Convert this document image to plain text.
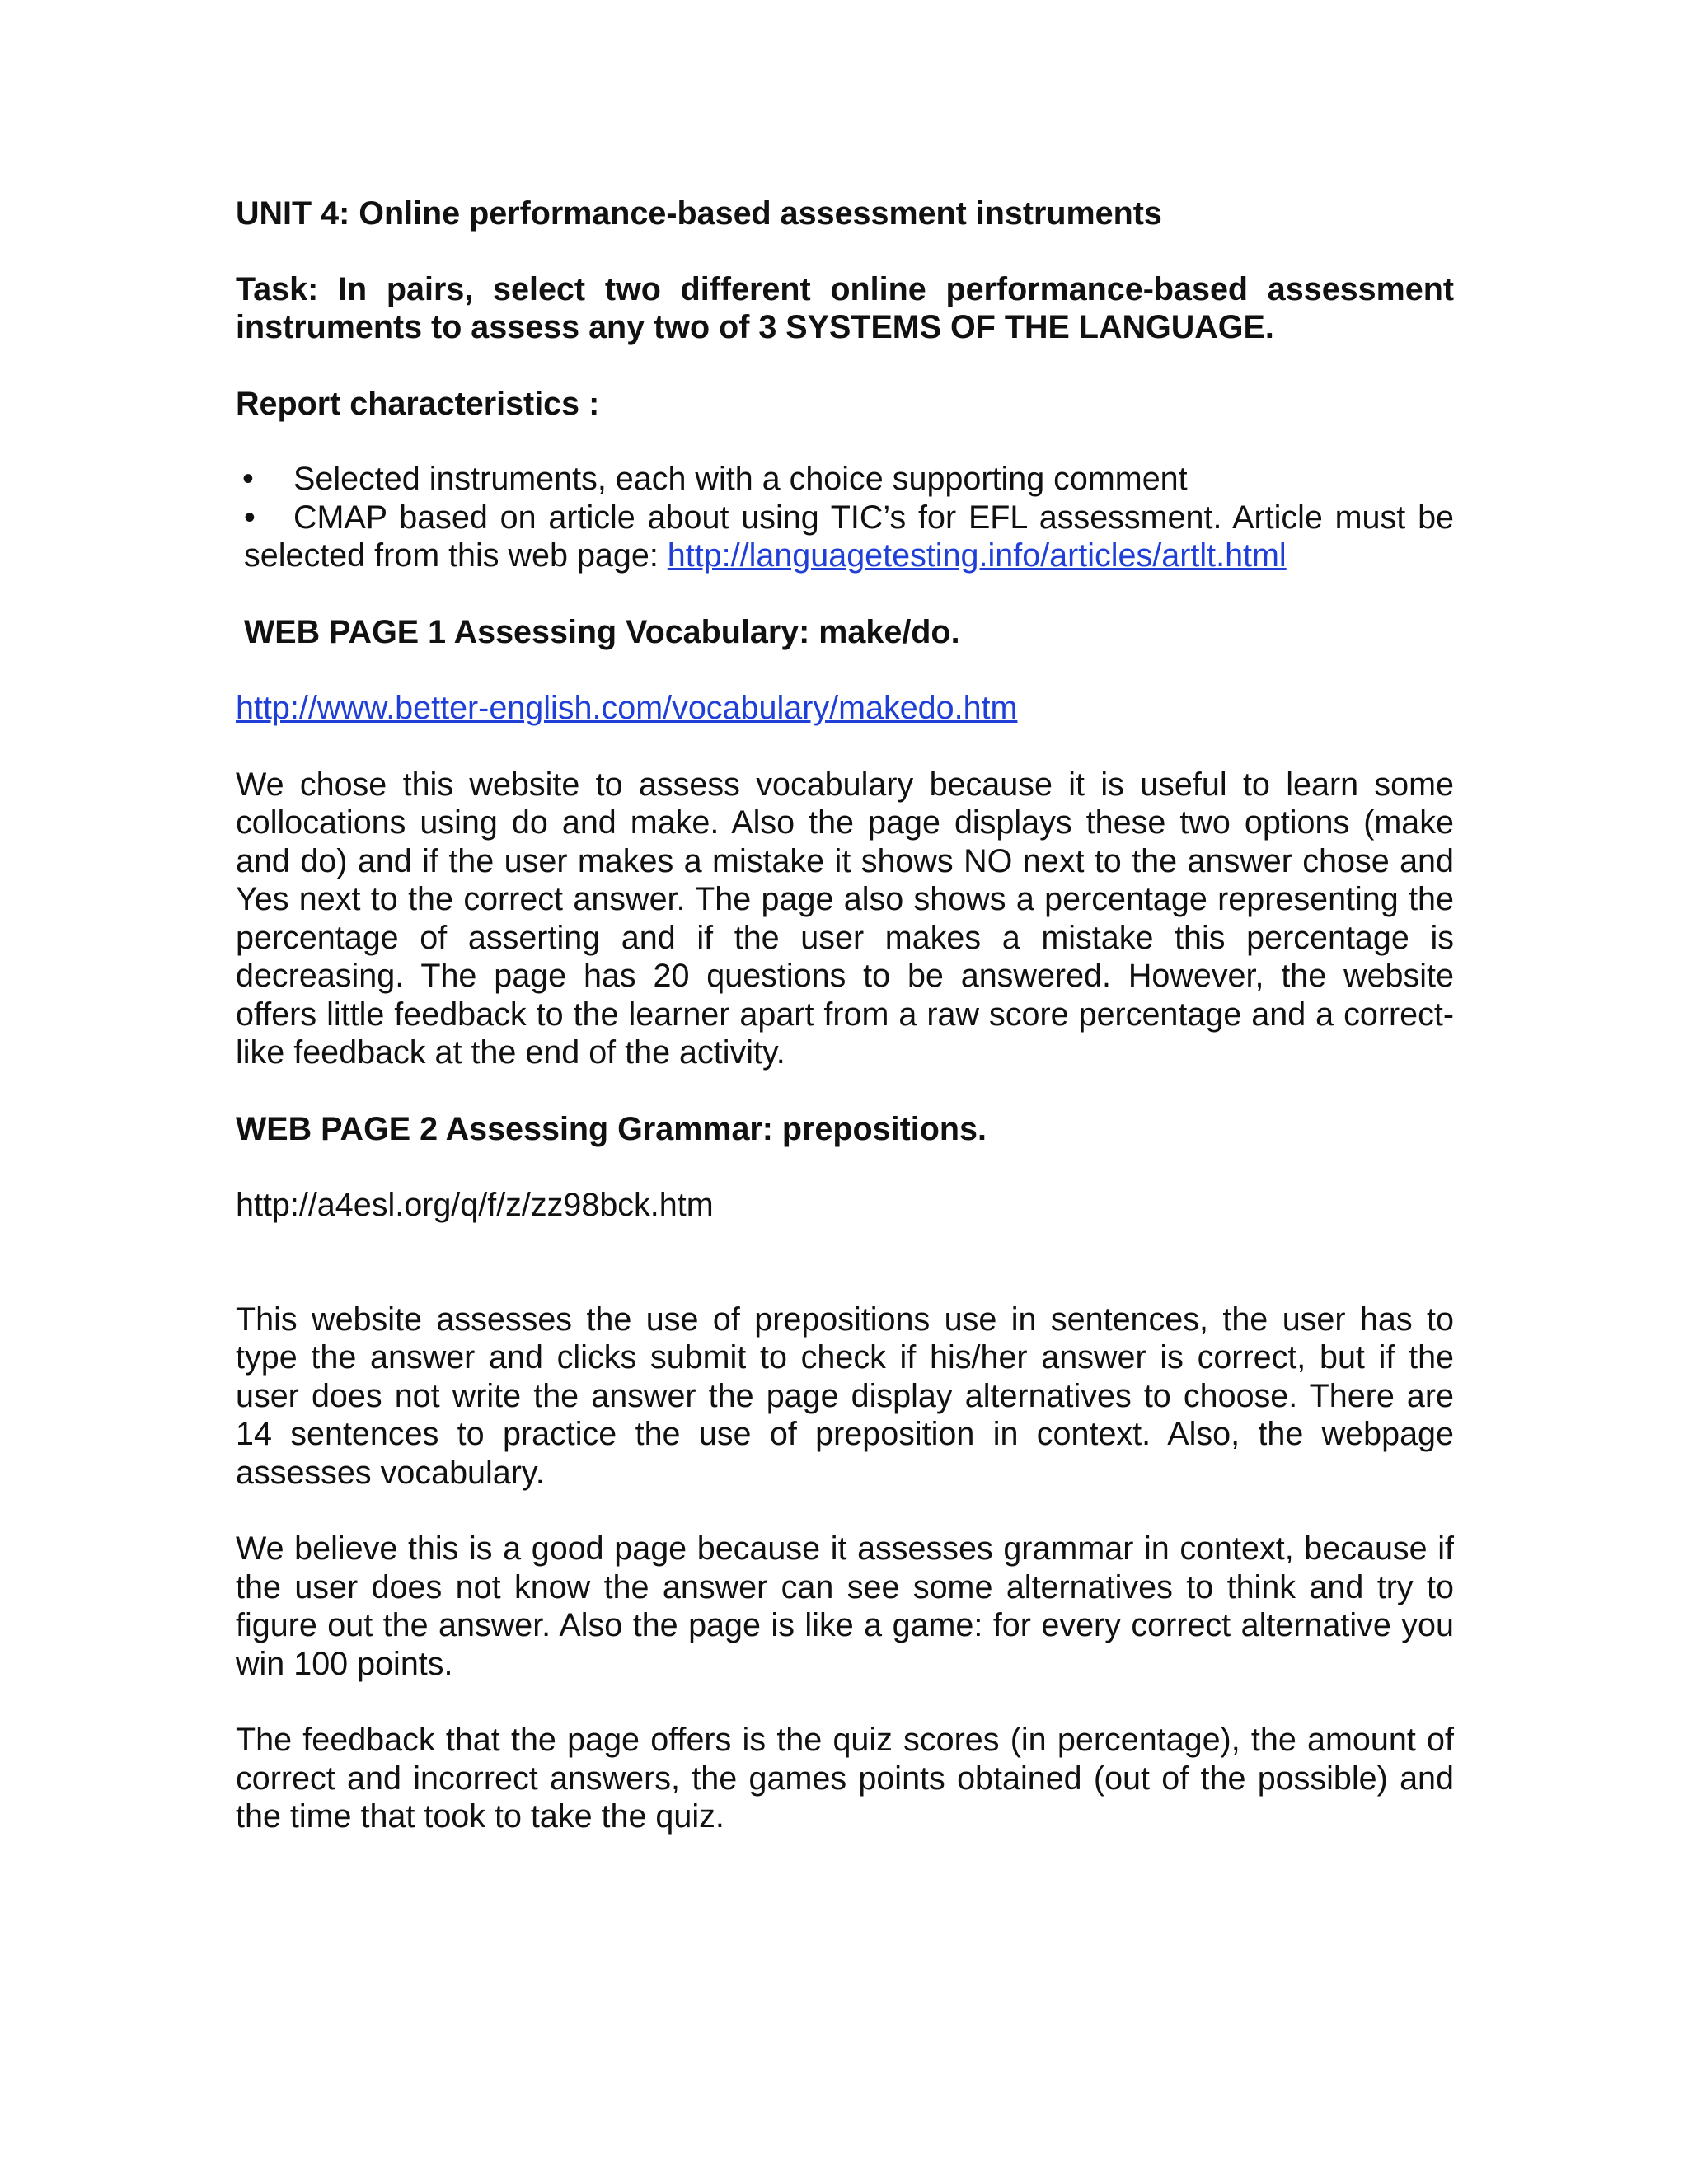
UNIT 4: Online performance-based assessment instruments

Task: In pairs, select two different online performance-based assessment instruments to assess any two of 3 SYSTEMS OF THE LANGUAGE.

Report characteristics :

• Selected instruments, each with a choice supporting comment
• CMAP based on article about using TIC’s for EFL assessment. Article must be selected from this web page: http://languagetesting.info/articles/artlt.html

WEB PAGE 1 Assessing Vocabulary: make/do.

http://www.better-english.com/vocabulary/makedo.htm

We chose this website to assess vocabulary because it is useful to learn some collocations using do and make. Also the page displays these two options (make and do) and if the user makes a mistake it shows NO next to the answer chose and Yes next to the correct answer. The page also shows a percentage representing the percentage of asserting and if the user makes a mistake this percentage is decreasing. The page has 20 questions to be answered. However, the website offers little feedback to the learner apart from a raw score percentage and a correct-like feedback at the end of the activity.

WEB PAGE 2 Assessing Grammar: prepositions.

http://a4esl.org/q/f/z/zz98bck.htm

This website assesses the use of prepositions use in sentences, the user has to type the answer and clicks submit to check if his/her answer is correct, but if the user does not write the answer the page display alternatives to choose. There are 14 sentences to practice the use of preposition in context. Also, the webpage assesses vocabulary.

We believe this is a good page because it assesses grammar in context, because if the user does not know the answer can see some alternatives to think and try to figure out the answer. Also the page is like a game: for every correct alternative you win 100 points.

The feedback that the page offers is the quiz scores (in percentage), the amount of correct and incorrect answers, the games points obtained (out of the possible) and the time that took to take the quiz.
